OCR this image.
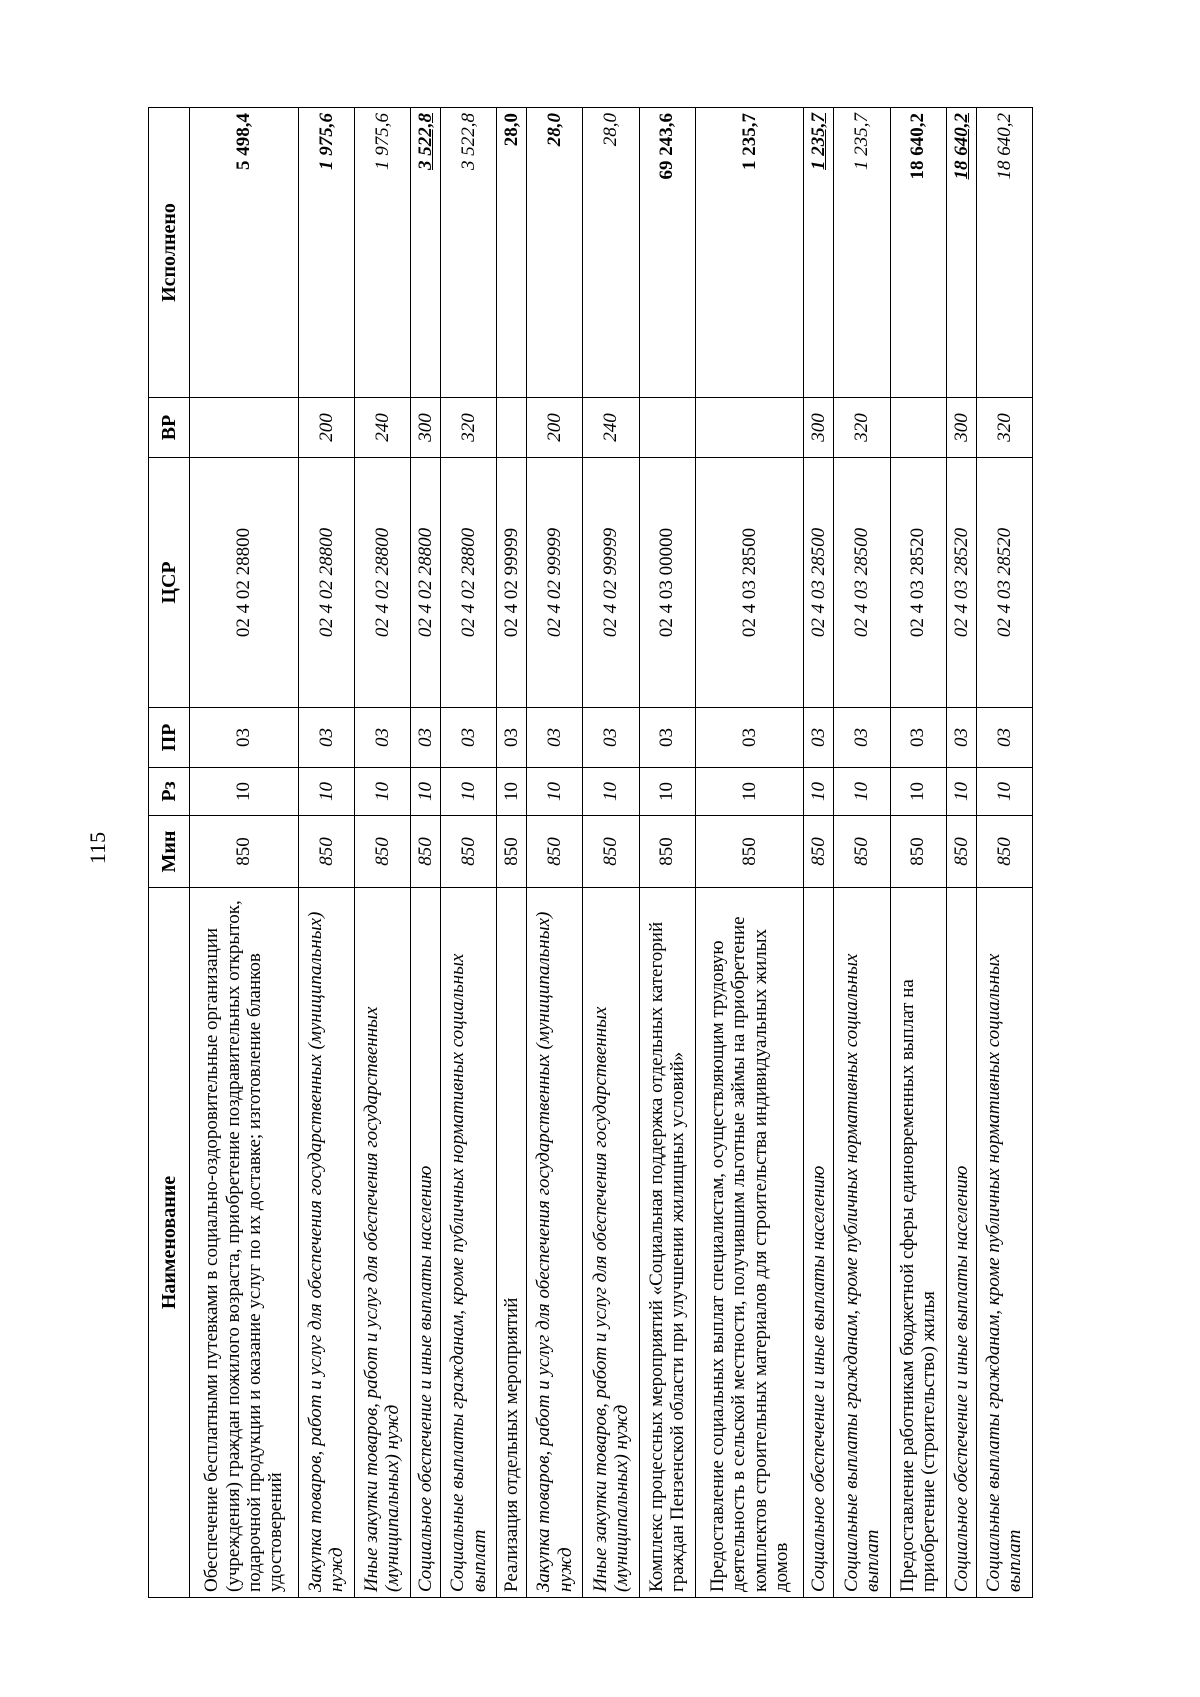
115
Наименование	Мин	Рз	ПР	ЦСР	ВР	Исполнено
Обеспечение бесплатными путевками в социально-оздоровительные организации (учреждения) граждан пожилого возраста, приобретение поздравительных открыток, подарочной продукции и оказание услуг по их доставке; изготовление бланков удостоверений	850	10	03	02 4 02 28800		5 498,4
Закупка товаров, работ и услуг для обеспечения государственных (муниципальных) нужд	850	10	03	02 4 02 28800	200	1 975,6
Иные закупки товаров, работ и услуг для обеспечения государственных (муниципальных) нужд	850	10	03	02 4 02 28800	240	1 975,6
Социальное обеспечение и иные выплаты населению	850	10	03	02 4 02 28800	300	3 522,8
Социальные выплаты гражданам, кроме публичных нормативных социальных выплат	850	10	03	02 4 02 28800	320	3 522,8
Реализация отдельных мероприятий	850	10	03	02 4 02 99999		28,0
Закупка товаров, работ и услуг для обеспечения государственных (муниципальных) нужд	850	10	03	02 4 02 99999	200	28,0
Иные закупки товаров, работ и услуг для обеспечения государственных (муниципальных) нужд	850	10	03	02 4 02 99999	240	28,0
Комплекс процессных мероприятий «Социальная поддержка отдельных категорий граждан Пензенской области при улучшении жилищных условий»	850	10	03	02 4 03 00000		69 243,6
Предоставление социальных выплат специалистам, осуществляющим трудовую деятельность в сельской местности, получившим льготные займы на приобретение комплектов строительных материалов для строительства индивидуальных жилых домов	850	10	03	02 4 03 28500		1 235,7
Социальное обеспечение и иные выплаты населению	850	10	03	02 4 03 28500	300	1 235,7
Социальные выплаты гражданам, кроме публичных нормативных социальных выплат	850	10	03	02 4 03 28500	320	1 235,7
Предоставление работникам бюджетной сферы единовременных выплат на приобретение (строительство) жилья	850	10	03	02 4 03 28520		18 640,2
Социальное обеспечение и иные выплаты населению	850	10	03	02 4 03 28520	300	18 640,2
Социальные выплаты гражданам, кроме публичных нормативных социальных выплат	850	10	03	02 4 03 28520	320	18 640,2
